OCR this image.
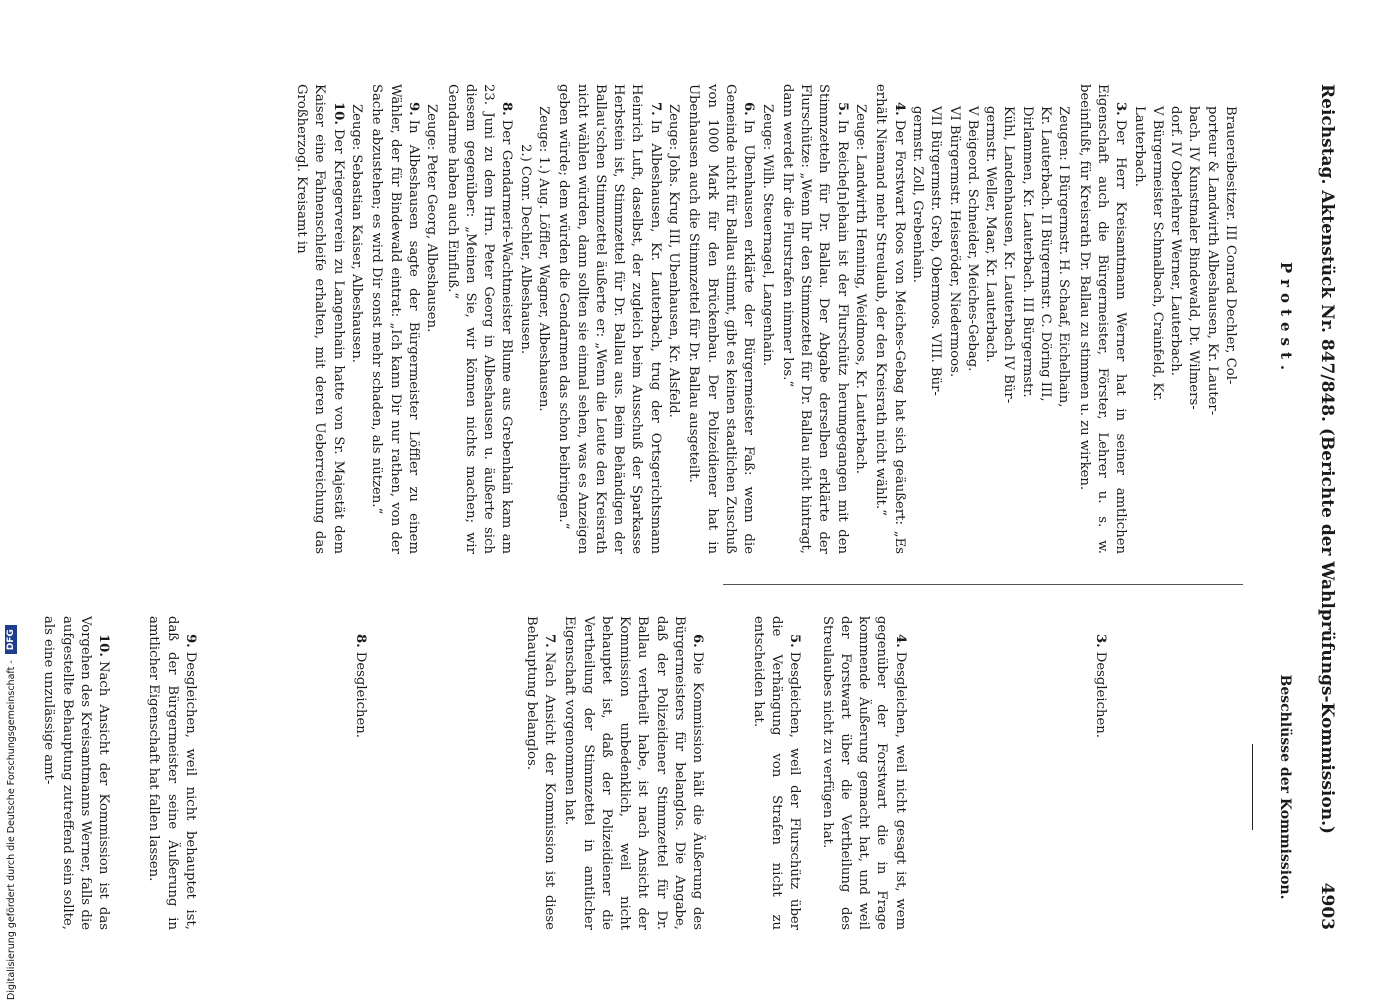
Reichstag. Aktenstück Nr. 847/848. (Berichte der Wahlprüfungs-Kommission.)
4903
Protest.
Beschlüsse der Kommission.
Brauereibesitzer. III Conrad Dechler, Col-
porteur & Landwirth Albeshausen, Kr. Lauter-
bach. IV Kunstmaler Bindewald, Dt. Wilmers-
dorf. IV Oberlehrer Werner, Lauterbach.
V Bürgermeister Schmalbach, Crainfeld, Kr.
Lauterbach.

3.Der Herr Kreisamtmann Werner hat in seiner amtlichen Eigenschaft auch die Bürgermeister, Förster, Lehrer u. s. w. beeinflußt, für Kreisrath Dr. Ballau zu stimmen u. zu wirken.

Zeugen: I Bürgermstr. H. Schaaf, Eichelhain,
Kr. Lauterbach. II Bürgermstr. C. Döring III,
Dirlammen, Kr. Lauterbach. III Bürgermstr.
Kühl, Landenhausen, Kr. Lauterbach IV Bür-
germstr. Weller, Maar, Kr. Lauterbach.
V Beigeord. Schneider, Meiches-Gebag.
VI Bürgermstr. Heiseröder, Niedermoos.
VII Bürgermstr. Greb, Obermoos. VIII. Bür-
germstr. Zoll, Grebenhain.

4.Der Forstwart Roos von Meiches-Gebag hat sich geäußert: „Es erhält Niemand mehr Streulaub, der den Kreisrath nicht wählt.“

Zeuge: Landwirth Henning, Weidmoos, Kr. Lauterbach.

5.In Reiche[n]ehain ist der Flurschütz herumgegangen mit den Stimmzetteln für Dr. Ballau. Der Abgabe derselben erklärte der Flurschütze: „Wenn Ihr den Stimmzettel für Dr. Ballau nicht hintragt, dann werdet Ihr die Flurstrafen nimmer los.“

Zeuge: Wilh. Steuernagel, Langenhain.

6.In Ubenhausen erklärte der Bürgermeister Faß: wenn die Gemeinde nicht für Ballau stimmt, gibt es keinen staatlichen Zuschuß von 1000 Mark für den Brückenbau. Der Polizeidiener hat in Ubenhausen auch die Stimmzettel für Dr. Ballau ausgeteilt.

Zeuge: Johs. Krug III, Ubenhausen, Kr. Alsfeld.

7.In Albeshausen, Kr. Lauterbach, trug der Ortsgerichtsmann Heinrich Luft, daselbst, der zugleich beim Ausschuß der Sparkasse Herbstein ist, Stimmzettel für Dr. Ballau aus. Beim Behändigen der Ballau'schen Stimmzettel äußerte er: „Wenn die Leute den Kreisrath nicht wählen würden, dann sollten sie einmal sehen, was es Anzeigen geben würde; dem würden die Gendarmen das schon beibringen.“

Zeuge: 1.) Aug. Löffler, Wagner, Albeshausen.
2.) Conr. Dechler, Albeshausen.

8.Der Gendarmerie-Wachtmeister Blume aus Grebenhain kam am 23. Juni zu dem Hrn. Peter Georg in Albeshausen u. äußerte sich diesem gegenüber: „Meinen Sie, wir können nichts machen; wir Gendarme haben auch Einfluß.“

Zeuge: Peter Georg, Albeshausen.

9.In Albeshausen sagte der Bürgermeister Löffler zu einem Wähler, der für Bindewald eintrat: „Ich kann Dir nur rathen, von der Sache abzustehen; es wird Dir sonst mehr schaden, als nützen.“

Zeuge: Sebastian Kaiser, Albeshausen.

10.Der Kriegerverein zu Langenhain hatte von Sr. Majestät dem Kaiser eine Fahnenschleife erhalten, mit deren Ueberreichung das Großherzogl. Kreisamt in

3.Desgleichen.

4.Desgleichen, weil nicht gesagt ist, wem gegenüber der Forstwart die in Frage kommende Äußerung gemacht hat, und weil der Forstwart über die Vertheilung des Streulaubes nicht zu verfügen hat.

5.Desgleichen, weil der Flurschütz über die Verhängung von Strafen nicht zu entscheiden hat.

6.Die Kommission hält die Äußerung des Bürgermeisters für belanglos. Die Angabe, daß der Polizeidiener Stimmzettel für Dr. Ballau vertheilt habe, ist nach Ansicht der Kommission unbedenklich, weil nicht behauptet ist, daß der Polizeidiener die Vertheilung der Stimmzettel in amtlicher Eigenschaft vorgenommen hat.

7.Nach Ansicht der Kommission ist diese Behauptung belanglos.

8.Desgleichen.

9.Desgleichen, weil nicht behauptet ist, daß der Bürgermeister seine Äußerung in amtlicher Eigenschaft hat fallen lassen.

10.Nach Ansicht der Kommission ist das Vorgehen des Kreisamtmanns Werner, falls die aufgestellte Behauptung zutreffend sein sollte, als eine unzulässige amt-

Digitalisierung gefördert durch die Deutsche Forschungsgemeinschaft -
DFG
